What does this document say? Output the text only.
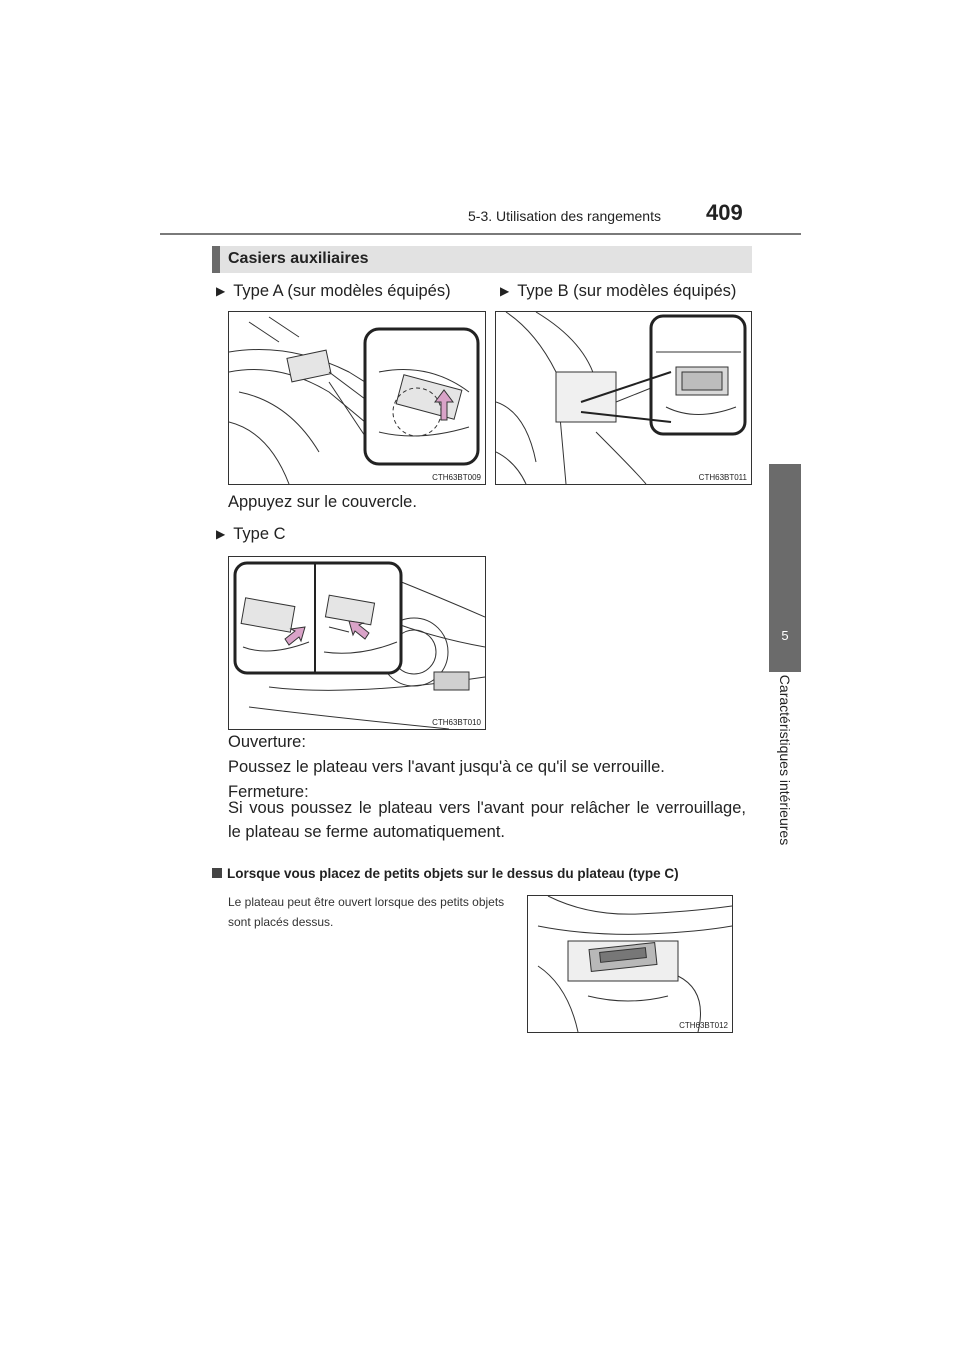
5-3. Utilisation des rangements 409
5
Caractéristiques intérieures
Casiers auxiliaires
▶ Type A (sur modèles équipés)	▶ Type B (sur modèles équipés)
CTH63BT009	CTH63BT011
Appuyez sur le couvercle.
▶ Type C
CTH63BT010
Ouverture:
Poussez le plateau vers l'avant jusqu'à ce qu'il se verrouille.
Fermeture:
Si vous poussez le plateau vers l'avant pour relâcher le verrouillage,
le plateau se ferme automatiquement.
Lorsque vous placez de petits objets sur le dessus du plateau (type C)
Le plateau peut être ouvert lorsque des petits objets sont placés dessus.
CTH63BT012
